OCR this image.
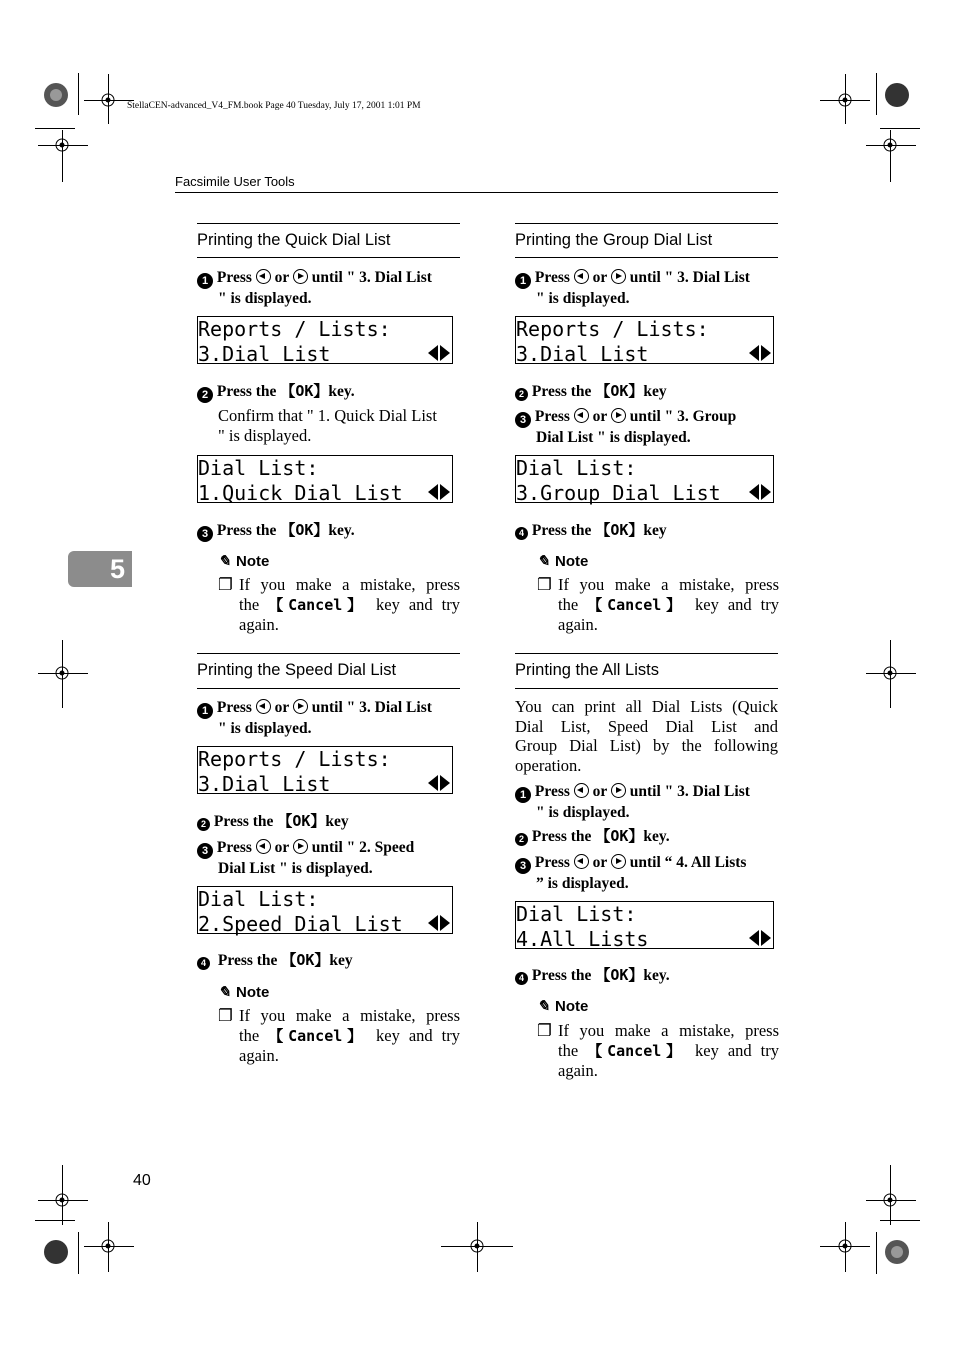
StellaCEN-advanced_V4_FM.book Page 40 Tuesday, July 17, 2001 1:01 PM
Facsimile User Tools
5
Printing the Quick Dial List
1 Press or until " 3. Dial List
" is displayed.
Reports / Lists:
3.Dial List
2 Press the 【OK】key.
Confirm that " 1. Quick Dial List
" is displayed.
Dial List:
1.Quick Dial List
3 Press the 【OK】key.
✎ Note
❐ If you make a mistake, press
the 【Cancel】 key and try
again.
Printing the Group Dial List
1 Press or until " 3. Dial List
" is displayed.
Reports / Lists:
3.Dial List
2 Press the 【OK】key
3 Press or until " 3. Group
Dial List " is displayed.
Dial List:
3.Group Dial List
4 Press the 【OK】key
✎ Note
❐ If you make a mistake, press
the 【Cancel】 key and try
again.
Printing the Speed Dial List
1 Press or until " 3. Dial List
" is displayed.
Reports / Lists:
3.Dial List
2 Press the 【OK】key
3 Press or until " 2. Speed
Dial List " is displayed.
Dial List:
2.Speed Dial List
4 Press the 【OK】key
✎ Note
❐ If you make a mistake, press
the 【Cancel】 key and try
again.
Printing the All Lists
You can print all Dial Lists (Quick
Dial List, Speed Dial List and
Group Dial List) by the following
operation.
1 Press or until " 3. Dial List
" is displayed.
2 Press the 【OK】key.
3 Press or until “ 4. All Lists
” is displayed.
Dial List:
4.All Lists
4 Press the 【OK】key.
✎ Note
❐ If you make a mistake, press
the 【Cancel】 key and try
again.
40
